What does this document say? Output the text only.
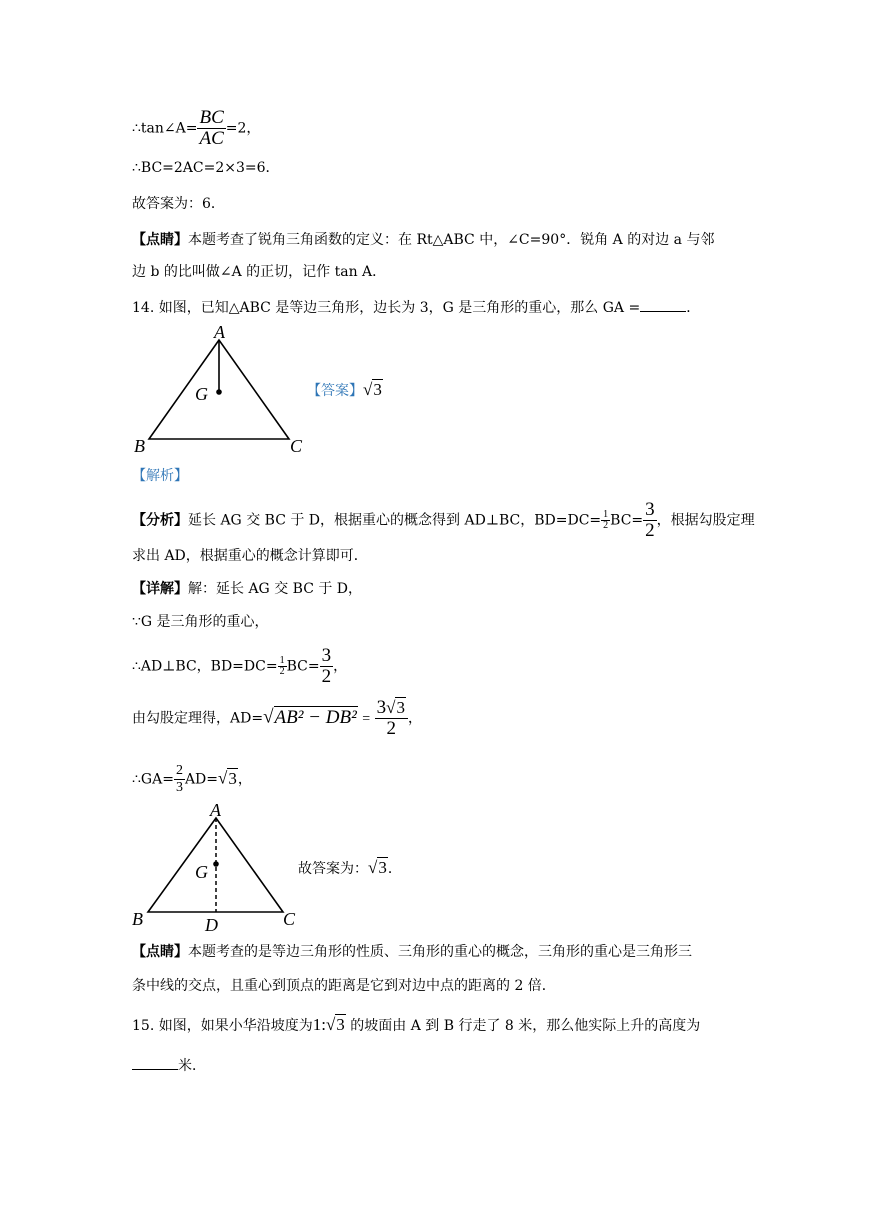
∴tan∠A= $\frac{BC}{AC} =2$，
∴BC=2AC=2×3=6．
故答案为：6．
【点睛】本题考查了锐角三角函数的定义：在 Rt△ABC 中，∠C=90°．锐角 A 的对边 a 与邻
边 b 的比叫做∠A 的正切，记作 tan A．
14. 如图，已知△ABC 是等边三角形，边长为 3，G 是三角形的重心，那么 GA =	．
A
G
B	C
【答案】√3
【解析】
【分析】延长 AG 交 BC 于 D，根据重心的概念得到 AD⊥BC，$BD=DC= \frac{1}{2} BC= \frac{3}{2}$ ，根据勾股定理
求出 AD，根据重心的概念计算即可．
【详解】解：延长 AG 交 BC 于 D，
∵G 是三角形的重心，
∴AD⊥BC，$BD=DC= \frac{1}{2} BC= \frac{3}{2}$ ，
由勾股定理得，$AD=√AB^2 - DB^2 = \frac{3√3}{2}$ ，
∴GA= $\frac{2}{3} AD=√3$，
A
G
B	C
D
故答案为：√3．
【点睛】本题考查的是等边三角形的性质、三角形的重心的概念，三角形的重心是三角形三
条中线的交点，且重心到顶点的距离是它到对边中点的距离的 2 倍．
15. 如图，如果小华沿坡度为1:√3 的坡面由 A 到 B 行走了 8 米，那么他实际上升的高度为
米．
